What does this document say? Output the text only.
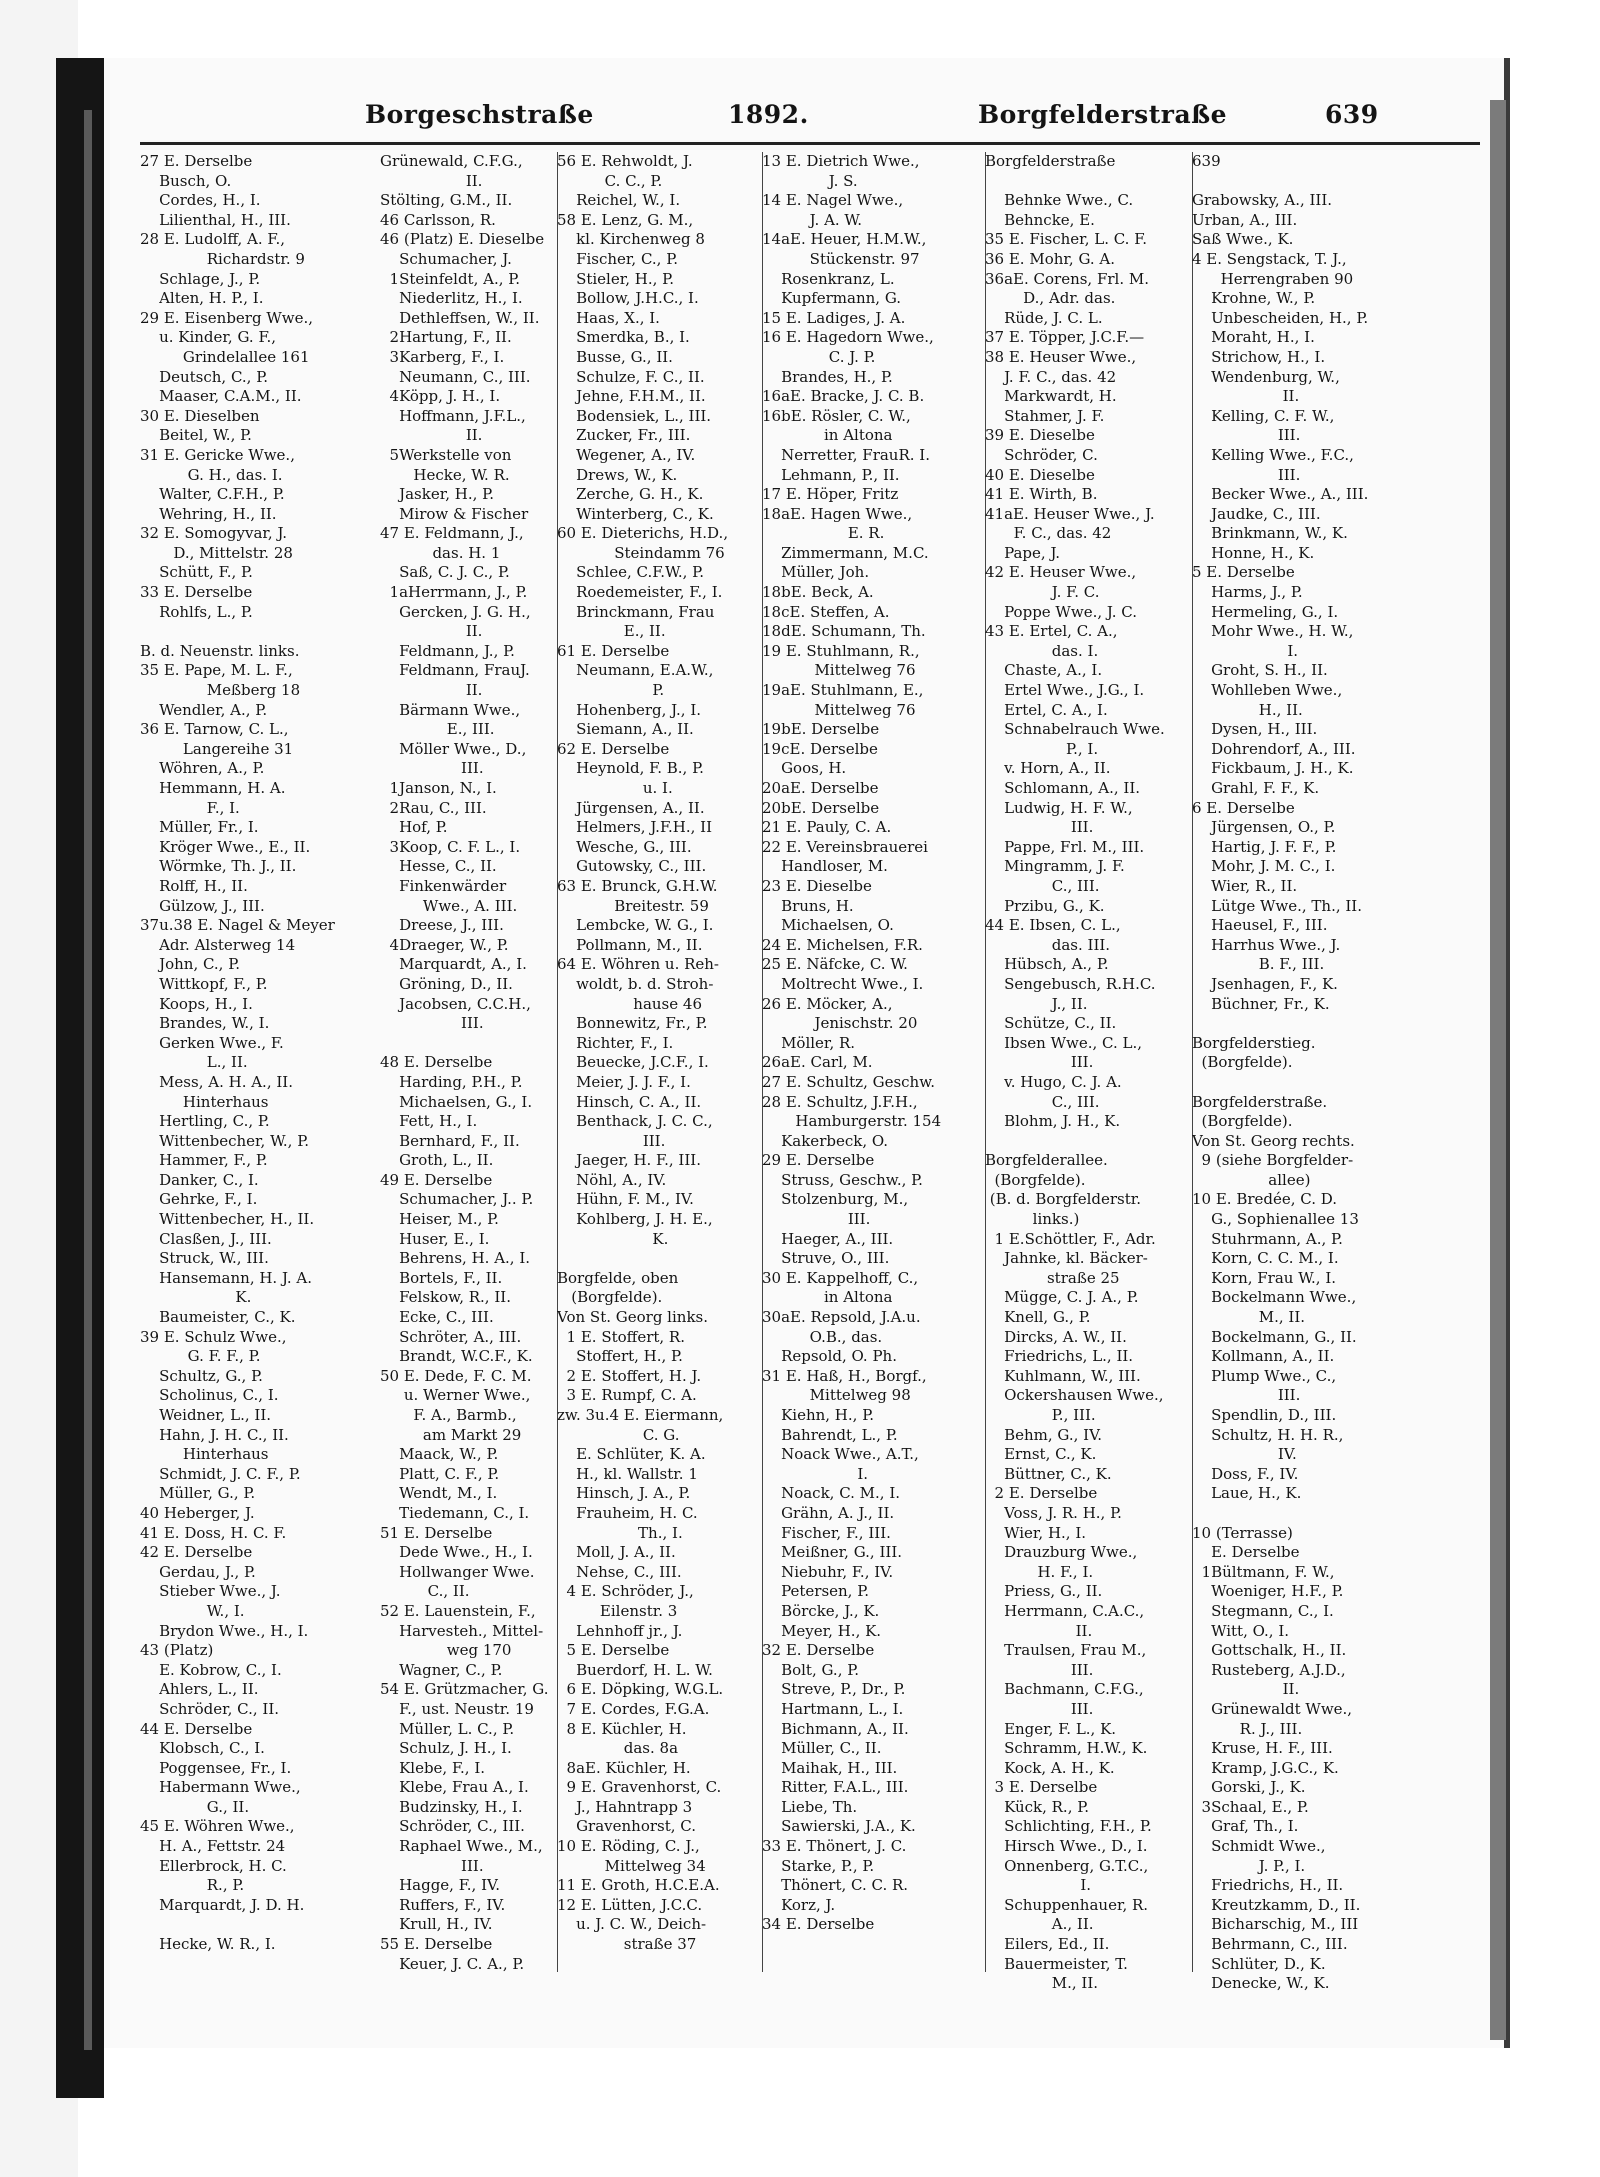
Borgeschstraße	1892.	Borgfelderstraße	639
27 E. Derselbe
Busch, O.
Cordes, H., I.
Lilienthal, H., III.
28 E. Ludolff, A. F.,
Richardstr. 9
Schlage, J., P.
Alten, H. P., I.
29 E. Eisenberg Wwe.,
u. Kinder, G. F.,
Grindelallee 161
Deutsch, C., P.
Maaser, C.A.M., II.
30 E. Dieselben
Beitel, W., P.
31 E. Gericke Wwe.,
G. H., das. I.
Walter, C.F.H., P.
Wehring, H., II.
32 E. Somogyvar, J.
D., Mittelstr. 28
Schütt, F., P.
33 E. Derselbe
Rohlfs, L., P.
B. d. Neuenstr. links.
35 E. Pape, M. L. F.,
Meßberg 18
Wendler, A., P.
36 E. Tarnow, C. L.,
Langereihe 31
Wöhren, A., P.
Hemmann, H. A.
F., I.
Müller, Fr., I.
Kröger Wwe., E., II.
Wörmke, Th. J., II.
Rolff, H., II.
Gülzow, J., III.
37u.38 E. Nagel & Meyer
Adr. Alsterweg 14
John, C., P.
Wittkopf, F., P.
Koops, H., I.
Brandes, W., I.
Gerken Wwe., F.
L., II.
Mess, A. H. A., II.
Hinterhaus
Hertling, C., P.
Wittenbecher, W., P.
Hammer, F., P.
Danker, C., I.
Gehrke, F., I.
Wittenbecher, H., II.
Clasßen, J., III.
Struck, W., III.
Hansemann, H. J. A.
K.
Baumeister, C., K.
39 E. Schulz Wwe.,
G. F. F., P.
Schultz, G., P.
Scholinus, C., I.
Weidner, L., II.
Hahn, J. H. C., II.
Hinterhaus
Schmidt, J. C. F., P.
Müller, G., P.
40 Heberger, J.
41 E. Doss, H. C. F.
42 E. Derselbe
Gerdau, J., P.
Stieber Wwe., J.
W., I.
Brydon Wwe., H., I.
43 (Platz)
E. Kobrow, C., I.
Ahlers, L., II.
Schröder, C., II.
44 E. Derselbe
Klobsch, C., I.
Poggensee, Fr., I.
Habermann Wwe.,
G., II.
45 E. Wöhren Wwe.,
H. A., Fettstr. 24
Ellerbrock, H. C.
R., P.
Marquardt, J. D. H.
Hecke, W. R., I.
Grünewald, C.F.G.,
II.
Stölting, G.M., II.
46 Carlsson, R.
46 (Platz) E. Dieselbe
Schumacher, J.
1Steinfeldt, A., P.
Niederlitz, H., I.
Dethleffsen, W., II.
2Hartung, F., II.
3Karberg, F., I.
Neumann, C., III.
4Köpp, J. H., I.
Hoffmann, J.F.L.,
II.
5Werkstelle von
Hecke, W. R.
Jasker, H., P.
Mirow & Fischer
47 E. Feldmann, J.,
das. H. 1
Saß, C. J. C., P.
1aHerrmann, J., P.
Gercken, J. G. H.,
II.
Feldmann, J., P.
Feldmann, FrauJ.
II.
Bärmann Wwe.,
E., III.
Möller Wwe., D.,
III.
1Janson, N., I.
2Rau, C., III.
Hof, P.
3Koop, C. F. L., I.
Hesse, C., II.
Finkenwärder
Wwe., A. III.
Dreese, J., III.
4Draeger, W., P.
Marquardt, A., I.
Gröning, D., II.
Jacobsen, C.C.H.,
III.
48 E. Derselbe
Harding, P.H., P.
Michaelsen, G., I.
Fett, H., I.
Bernhard, F., II.
Groth, L., II.
49 E. Derselbe
Schumacher, J.. P.
Heiser, M., P.
Huser, E., I.
Behrens, H. A., I.
Bortels, F., II.
Felskow, R., II.
Ecke, C., III.
Schröter, A., III.
Brandt, W.C.F., K.
50 E. Dede, F. C. M.
u. Werner Wwe.,
F. A., Barmb.,
am Markt 29
Maack, W., P.
Platt, C. F., P.
Wendt, M., I.
Tiedemann, C., I.
51 E. Derselbe
Dede Wwe., H., I.
Hollwanger Wwe.
C., II.
52 E. Lauenstein, F.,
Harvesteh., Mittel-
weg 170
Wagner, C., P.
54 E. Grützmacher, G.
F., ust. Neustr. 19
Müller, L. C., P.
Schulz, J. H., I.
Klebe, F., I.
Klebe, Frau A., I.
Budzinsky, H., I.
Schröder, C., III.
Raphael Wwe., M.,
III.
Hagge, F., IV.
Ruffers, F., IV.
Krull, H., IV.
55 E. Derselbe
Keuer, J. C. A., P.
56 E. Rehwoldt, J.
C. C., P.
Reichel, W., I.
58 E. Lenz, G. M.,
kl. Kirchenweg 8
Fischer, C., P.
Stieler, H., P.
Bollow, J.H.C., I.
Haas, X., I.
Smerdka, B., I.
Busse, G., II.
Schulze, F. C., II.
Jehne, F.H.M., II.
Bodensiek, L., III.
Zucker, Fr., III.
Wegener, A., IV.
Drews, W., K.
Zerche, G. H., K.
Winterberg, C., K.
60 E. Dieterichs, H.D.,
Steindamm 76
Schlee, C.F.W., P.
Roedemeister, F., I.
Brinckmann, Frau
E., II.
61 E. Derselbe
Neumann, E.A.W.,
P.
Hohenberg, J., I.
Siemann, A., II.
62 E. Derselbe
Heynold, F. B., P.
u. I.
Jürgensen, A., II.
Helmers, J.F.H., II
Wesche, G., III.
Gutowsky, C., III.
63 E. Brunck, G.H.W.
Breitestr. 59
Lembcke, W. G., I.
Pollmann, M., II.
64 E. Wöhren u. Reh-
woldt, b. d. Stroh-
hause 46
Bonnewitz, Fr., P.
Richter, F., I.
Beuecke, J.C.F., I.
Meier, J. J. F., I.
Hinsch, C. A., II.
Benthack, J. C. C.,
III.
Jaeger, H. F., III.
Nöhl, A., IV.
Hühn, F. M., IV.
Kohlberg, J. H. E.,
K.
Borgfelde, oben
(Borgfelde).
Von St. Georg links.
1 E. Stoffert, R.
Stoffert, H., P.
2 E. Stoffert, H. J.
3 E. Rumpf, C. A.
zw. 3u.4 E. Eiermann,
C. G.
E. Schlüter, K. A.
H., kl. Wallstr. 1
Hinsch, J. A., P.
Frauheim, H. C.
Th., I.
Moll, J. A., II.
Nehse, C., III.
4 E. Schröder, J.,
Eilenstr. 3
Lehnhoff jr., J.
5 E. Derselbe
Buerdorf, H. L. W.
6 E. Döpking, W.G.L.
7 E. Cordes, F.G.A.
8 E. Küchler, H.
das. 8a
8aE. Küchler, H.
9 E. Gravenhorst, C.
J., Hahntrapp 3
Gravenhorst, C.
10 E. Röding, C. J.,
Mittelweg 34
11 E. Groth, H.C.E.A.
12 E. Lütten, J.C.C.
u. J. C. W., Deich-
straße 37
13 E. Dietrich Wwe.,
J. S.
14 E. Nagel Wwe.,
J. A. W.
14aE. Heuer, H.M.W.,
Stückenstr. 97
Rosenkranz, L.
Kupfermann, G.
15 E. Ladiges, J. A.
16 E. Hagedorn Wwe.,
C. J. P.
Brandes, H., P.
16aE. Bracke, J. C. B.
16bE. Rösler, C. W.,
in Altona
Nerretter, FrauR. I.
Lehmann, P., II.
17 E. Höper, Fritz
18aE. Hagen Wwe.,
E. R.
Zimmermann, M.C.
Müller, Joh.
18bE. Beck, A.
18cE. Steffen, A.
18dE. Schumann, Th.
19 E. Stuhlmann, R.,
Mittelweg 76
19aE. Stuhlmann, E.,
Mittelweg 76
19bE. Derselbe
19cE. Derselbe
Goos, H.
20aE. Derselbe
20bE. Derselbe
21 E. Pauly, C. A.
22 E. Vereinsbrauerei
Handloser, M.
23 E. Dieselbe
Bruns, H.
Michaelsen, O.
24 E. Michelsen, F.R.
25 E. Näfcke, C. W.
Moltrecht Wwe., I.
26 E. Möcker, A.,
Jenischstr. 20
Möller, R.
26aE. Carl, M.
27 E. Schultz, Geschw.
28 E. Schultz, J.F.H.,
Hamburgerstr. 154
Kakerbeck, O.
29 E. Derselbe
Struss, Geschw., P.
Stolzenburg, M.,
III.
Haeger, A., III.
Struve, O., III.
30 E. Kappelhoff, C.,
in Altona
30aE. Repsold, J.A.u.
O.B., das.
Repsold, O. Ph.
31 E. Haß, H., Borgf.,
Mittelweg 98
Kiehn, H., P.
Bahrendt, L., P.
Noack Wwe., A.T.,
I.
Noack, C. M., I.
Grähn, A. J., II.
Fischer, F., III.
Meißner, G., III.
Niebuhr, F., IV.
Petersen, P.
Börcke, J., K.
Meyer, H., K.
32 E. Derselbe
Bolt, G., P.
Streve, P., Dr., P.
Hartmann, L., I.
Bichmann, A., II.
Müller, C., II.
Maihak, H., III.
Ritter, F.A.L., III.
Liebe, Th.
Sawierski, J.A., K.
33 E. Thönert, J. C.
Starke, P., P.
Thönert, C. C. R.
Korz, J.
34 E. Derselbe
Borgfelderstraße
Behnke Wwe., C.
Behncke, E.
35 E. Fischer, L. C. F.
36 E. Mohr, G. A.
36aE. Corens, Frl. M.
D., Adr. das.
Rüde, J. C. L.
37 E. Töpper, J.C.F.—
38 E. Heuser Wwe.,
J. F. C., das. 42
Markwardt, H.
Stahmer, J. F.
39 E. Dieselbe
Schröder, C.
40 E. Dieselbe
41 E. Wirth, B.
41aE. Heuser Wwe., J.
F. C., das. 42
Pape, J.
42 E. Heuser Wwe.,
J. F. C.
Poppe Wwe., J. C.
43 E. Ertel, C. A.,
das. I.
Chaste, A., I.
Ertel Wwe., J.G., I.
Ertel, C. A., I.
Schnabelrauch Wwe.
P., I.
v. Horn, A., II.
Schlomann, A., II.
Ludwig, H. F. W.,
III.
Pappe, Frl. M., III.
Mingramm, J. F.
C., III.
Przibu, G., K.
44 E. Ibsen, C. L.,
das. III.
Hübsch, A., P.
Sengebusch, R.H.C.
J., II.
Schütze, C., II.
Ibsen Wwe., C. L.,
III.
v. Hugo, C. J. A.
C., III.
Blohm, J. H., K.
Borgfelderallee.
(Borgfelde).
(B. d. Borgfelderstr.
links.)
1 E.Schöttler, F., Adr.
Jahnke, kl. Bäcker-
straße 25
Mügge, C. J. A., P.
Knell, G., P.
Dircks, A. W., II.
Friedrichs, L., II.
Kuhlmann, W., III.
Ockershausen Wwe.,
P., III.
Behm, G., IV.
Ernst, C., K.
Büttner, C., K.
2 E. Derselbe
Voss, J. R. H., P.
Wier, H., I.
Drauzburg Wwe.,
H. F., I.
Priess, G., II.
Herrmann, C.A.C.,
II.
Traulsen, Frau M.,
III.
Bachmann, C.F.G.,
III.
Enger, F. L., K.
Schramm, H.W., K.
Kock, A. H., K.
3 E. Derselbe
Kück, R., P.
Schlichting, F.H., P.
Hirsch Wwe., D., I.
Onnenberg, G.T.C.,
I.
Schuppenhauer, R.
A., II.
Eilers, Ed., II.
Bauermeister, T.
M., II.
639
Grabowsky, A., III.
Urban, A., III.
Saß Wwe., K.
4 E. Sengstack, T. J.,
Herrengraben 90
Krohne, W., P.
Unbescheiden, H., P.
Moraht, H., I.
Strichow, H., I.
Wendenburg, W.,
II.
Kelling, C. F. W.,
III.
Kelling Wwe., F.C.,
III.
Becker Wwe., A., III.
Jaudke, C., III.
Brinkmann, W., K.
Honne, H., K.
5 E. Derselbe
Harms, J., P.
Hermeling, G., I.
Mohr Wwe., H. W.,
I.
Groht, S. H., II.
Wohlleben Wwe.,
H., II.
Dysen, H., III.
Dohrendorf, A., III.
Fickbaum, J. H., K.
Grahl, F. F., K.
6 E. Derselbe
Jürgensen, O., P.
Hartig, J. F. F., P.
Mohr, J. M. C., I.
Wier, R., II.
Lütge Wwe., Th., II.
Haeusel, F., III.
Harrhus Wwe., J.
B. F., III.
Jsenhagen, F., K.
Büchner, Fr., K.
Borgfelderstieg.
(Borgfelde).
Borgfelderstraße.
(Borgfelde).
Von St. Georg rechts.
9 (siehe Borgfelder-
allee)
10 E. Bredée, C. D.
G., Sophienallee 13
Stuhrmann, A., P.
Korn, C. C. M., I.
Korn, Frau W., I.
Bockelmann Wwe.,
M., II.
Bockelmann, G., II.
Kollmann, A., II.
Plump Wwe., C.,
III.
Spendlin, D., III.
Schultz, H. H. R.,
IV.
Doss, F., IV.
Laue, H., K.
10 (Terrasse)
E. Derselbe
1Bültmann, F. W.,
Woeniger, H.F., P.
Stegmann, C., I.
Witt, O., I.
Gottschalk, H., II.
Rusteberg, A.J.D.,
II.
Grünewaldt Wwe.,
R. J., III.
Kruse, H. F., III.
Kramp, J.G.C., K.
Gorski, J., K.
3Schaal, E., P.
Graf, Th., I.
Schmidt Wwe.,
J. P., I.
Friedrichs, H., II.
Kreutzkamm, D., II.
Bicharschig, M., III
Behrmann, C., III.
Schlüter, D., K.
Denecke, W., K.
